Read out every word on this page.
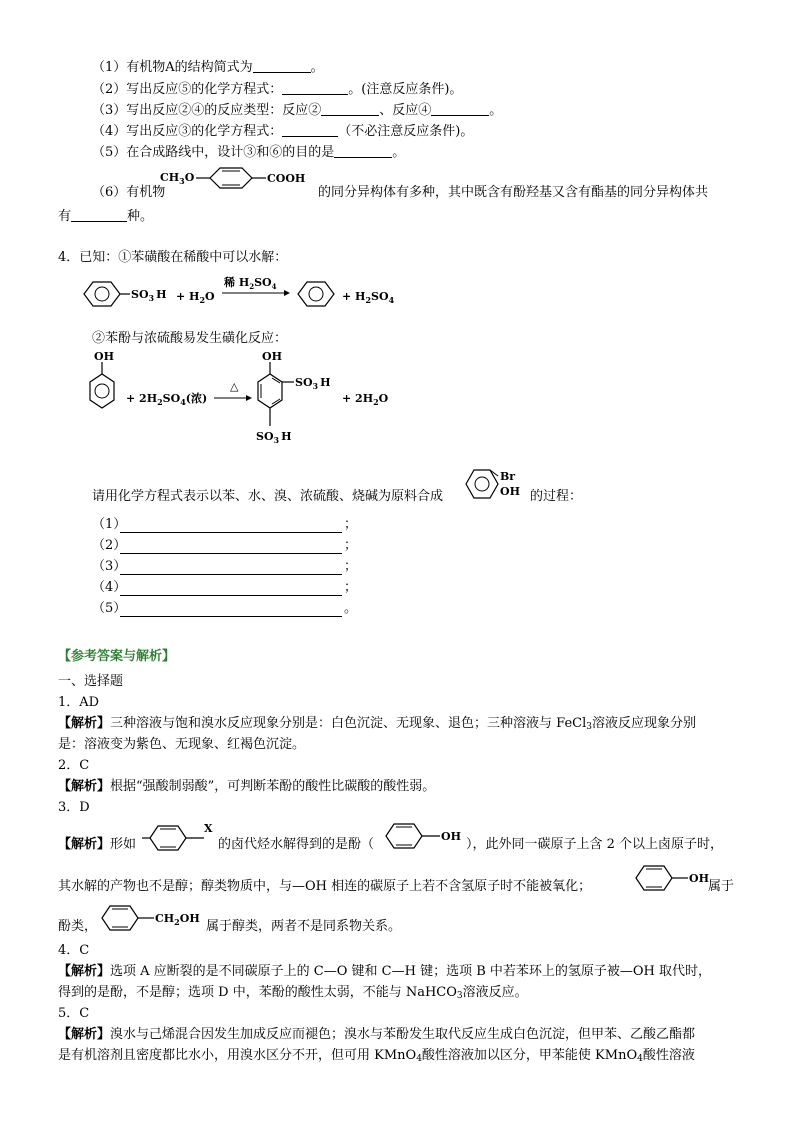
（1）有机物A的结构简式为	。
（2）写出反应⑤的化学方程式：	。(注意反应条件)。
（3）写出反应②④的反应类型：反应②	、反应④	。
（4）写出反应③的化学方程式：	（不必注意反应条件)。
（5）在合成路线中，设计③和⑥的目的是	。
（6）有机物
$CH_3O$	COOH
的同分异构体有多种，其中既含有酚羟基又含有酯基的同分异构体共
有	种。
4．已知：①苯磺酸在稀酸中可以水解：
$SO_3$ $H + H_2O$
稀 $H_2SO_4$
+ $H_2SO_4$
②苯酚与浓硫酸易发生磺化反应：
OH
+ $2H_2SO_4$(浓)
△
OH
$SO_3$ H
$SO_3$ H
+ $2H_2O$
请用化学方程式表示以苯、水、溴、浓硫酸、烧碱为原料合成
Br
OH 的过程：
（1）	；
（2）	；
（3）	；
（4）	；
（5）	。
【参考答案与解析】
一、选择题
1．AD
【解析】三种溶液与饱和溴水反应现象分别是：白色沉淀、无现象、退色；三种溶液与 FeCl$_3$溶液反应现象分别
是：溶液变为紫色、无现象、红褐色沉淀。
2．C
【解析】根据“强酸制弱酸”，可判断苯酚的酸性比碳酸的酸性弱。
3．D
【解析】形如
X
的卤代烃水解得到的是酚（
OH
），此外同一碳原子上含 2 个以上卤原子时，
其水解的产物也不是醇；醇类物质中，与—OH 相连的碳原子上若不含氢原子时不能被氧化；
OH
属于
酚类，
$CH_2OH$
属于醇类，两者不是同系物关系。
4．C
【解析】选项 A 应断裂的是不同碳原子上的 C—O 键和 C—H 键；选项 B 中若苯环上的氢原子被—OH 取代时，
得到的是酚，不是醇；选项 D 中，苯酚的酸性太弱，不能与 NaHCO$_3$溶液反应。
5．C
【解析】溴水与己烯混合因发生加成反应而褪色；溴水与苯酚发生取代反应生成白色沉淀，但甲苯、乙酸乙酯都
是有机溶剂且密度都比水小，用溴水区分不开，但可用 KMnO$_4$酸性溶液加以区分，甲苯能使 KMnO$_4$酸性溶液
